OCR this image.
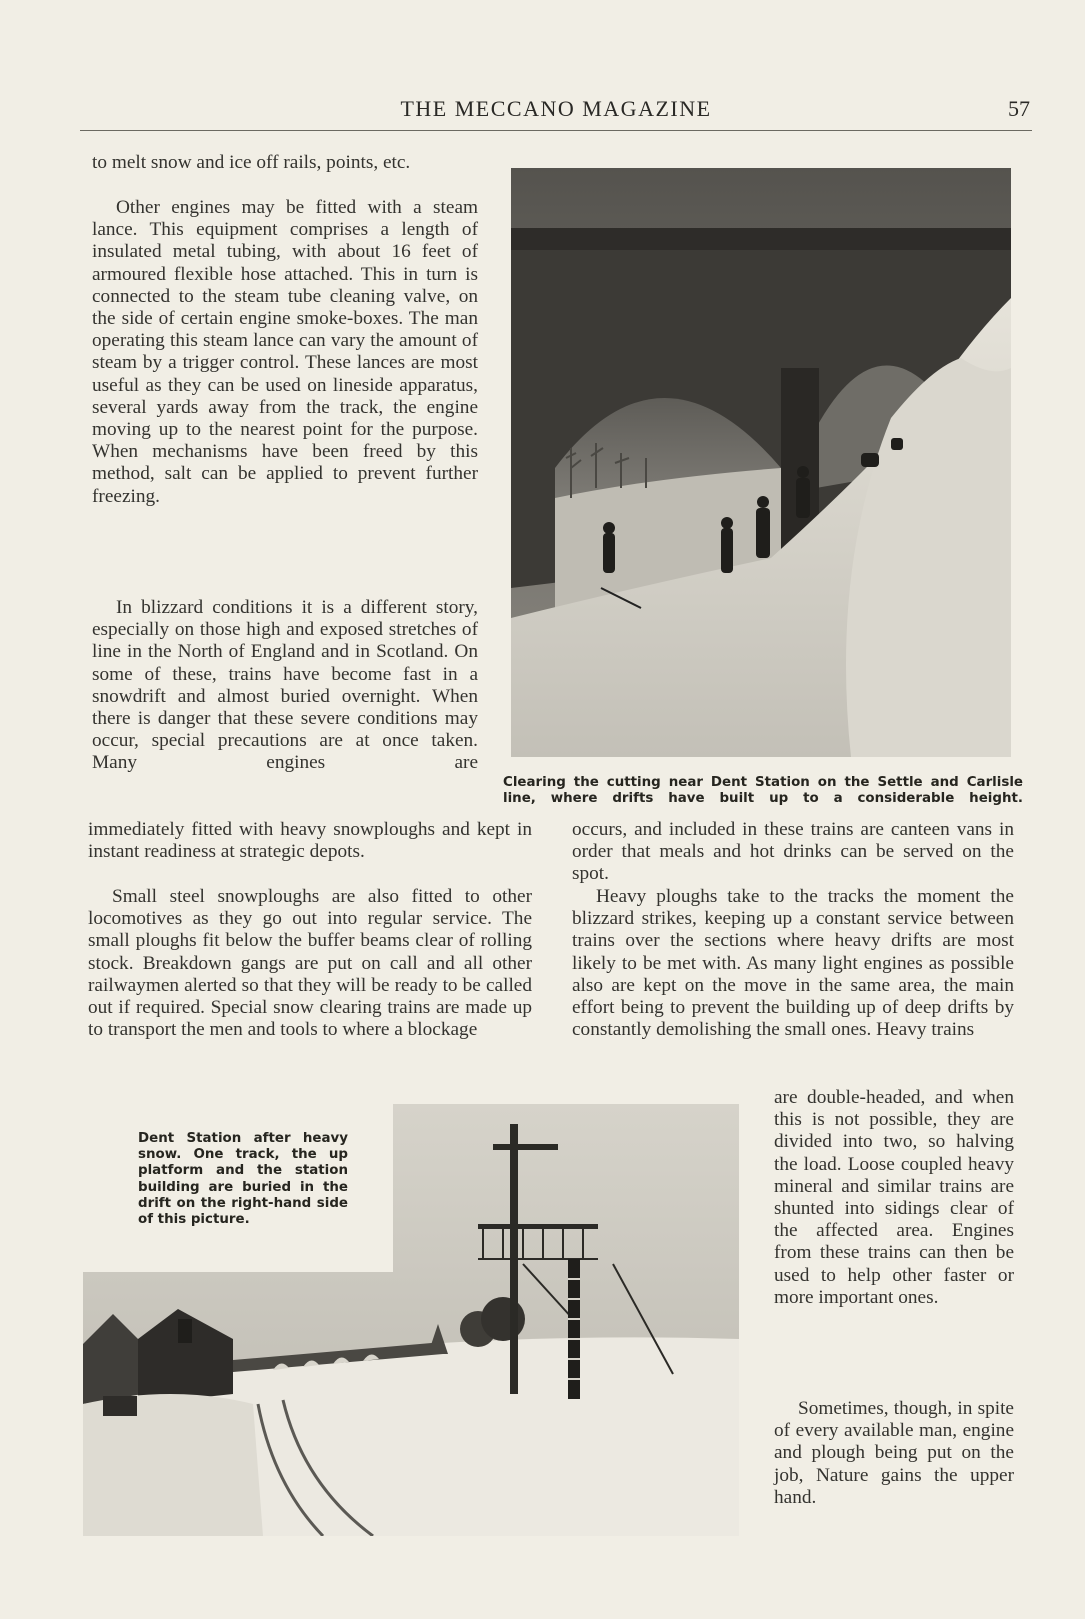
THE MECCANO MAGAZINE	57

to melt snow and ice off rails, points, etc.

Other engines may be fitted with a steam lance. This equipment comprises a length of insulated metal tubing, with about 16 feet of armoured flexible hose attached. This in turn is connected to the steam tube cleaning valve, on the side of certain engine smoke-boxes. The man operating this steam lance can vary the amount of steam by a trigger control. These lances are most useful as they can be used on lineside apparatus, several yards away from the track, the engine moving up to the nearest point for the purpose. When mechanisms have been freed by this method, salt can be applied to prevent further freezing.

In blizzard conditions it is a different story, especially on those high and exposed stretches of line in the North of England and in Scotland. On some of these, trains have become fast in a snowdrift and almost buried overnight. When there is danger that these severe conditions may occur, special precautions are at once taken. Many engines are

immediately fitted with heavy snowploughs and kept in instant readiness at strategic depots.

Small steel snowploughs are also fitted to other locomotives as they go out into regular service. The small ploughs fit below the buffer beams clear of rolling stock. Breakdown gangs are put on call and all other railwaymen alerted so that they will be ready to be called out if required. Special snow clearing trains are made up to transport the men and tools to where a blockage

occurs, and included in these trains are canteen vans in order that meals and hot drinks can be served on the spot.

Heavy ploughs take to the tracks the moment the blizzard strikes, keeping up a constant service between trains over the sections where heavy drifts are most likely to be met with. As many light engines as possible also are kept on the move in the same area, the main effort being to prevent the building up of deep drifts by constantly demolishing the small ones. Heavy trains

are double-headed, and when this is not possible, they are divided into two, so halving the load. Loose coupled heavy mineral and similar trains are shunted into sidings clear of the affected area. Engines from these trains can then be used to help other faster or more important ones.

Sometimes, though, in spite of every available man, engine and plough being put on the job, Nature gains the upper hand.

Clearing the cutting near Dent Station on the Settle and Carlisle line, where drifts have built up to a considerable height.

Dent Station after heavy snow. One track, the up platform and the station building are buried in the drift on the right-hand side of this picture.
